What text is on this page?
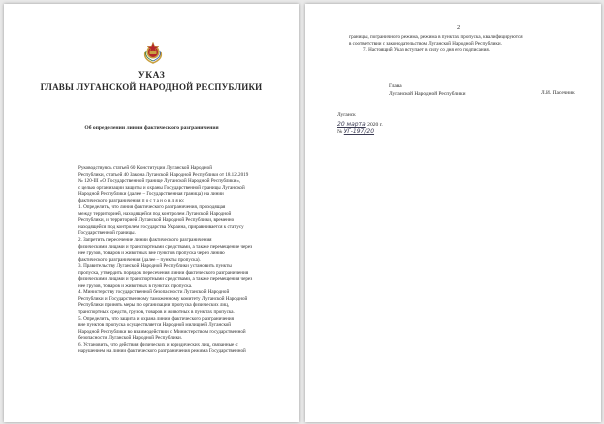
УКАЗ
ГЛАВЫ ЛУГАНСКОЙ НАРОДНОЙ РЕСПУБЛИКИ
Об определении линии фактического разграничения

Руководствуясь статьей 60 Конституции Луганской Народной

Республики, статьей 40 Закона Луганской Народной Республики от 18.12.2019

№ 120-III «О Государственной границе Луганской Народной Республики»,

с целью организации защиты и охраны Государственной границы Луганской

Народной Республики (далее – Государственная граница) на линии

фактического разграничения п о с т а н о в л я ю:

1. Определить, что линия фактического разграничения, проходящая

между территорией, находящейся под контролем Луганской Народной

Республики, и территорией Луганской Народной Республики, временно

находящейся под контролем государства Украина, приравнивается к статусу

Государственной границы.

2. Запретить пересечение линии фактического разграничения

физическими лицами и транспортными средствами, а также перемещение через

нее грузов, товаров и животных вне пунктов пропуска через линию

фактического разграничения (далее – пункты пропуска).

3. Правительству Луганской Народной Республики установить пункты

пропуска, утвердить порядок пересечения линии фактического разграничения

физическими лицами и транспортными средствами, а также перемещения через

нее грузов, товаров и животных в пунктах пропуска.

4. Министерству государственной безопасности Луганской Народной

Республики и Государственному таможенному комитету Луганской Народной

Республики принять меры по организации пропуска физических лиц,

транспортных средств, грузов, товаров и животных в пунктах пропуска.

5. Определить, что защита и охрана линии фактического разграничения

вне пунктов пропуска осуществляется Народной милицией Луганской

Народной Республики во взаимодействии с Министерством государственной

безопасности Луганской Народной Республики.

6. Установить, что действия физических и юридических лиц, связанные с

нарушением на линии фактического разграничения режима Государственной

2

границы, пограничного режима, режима в пунктах пропуска, квалифицируются

в соответствии с законодательством Луганской Народной Республики.

7. Настоящий Указ вступает в силу со дня его подписания.

Глава
Луганской Народной Республики	Л.И. Пасечник
Луганск
20 марта 2020 г.
№ УГ-197/20
